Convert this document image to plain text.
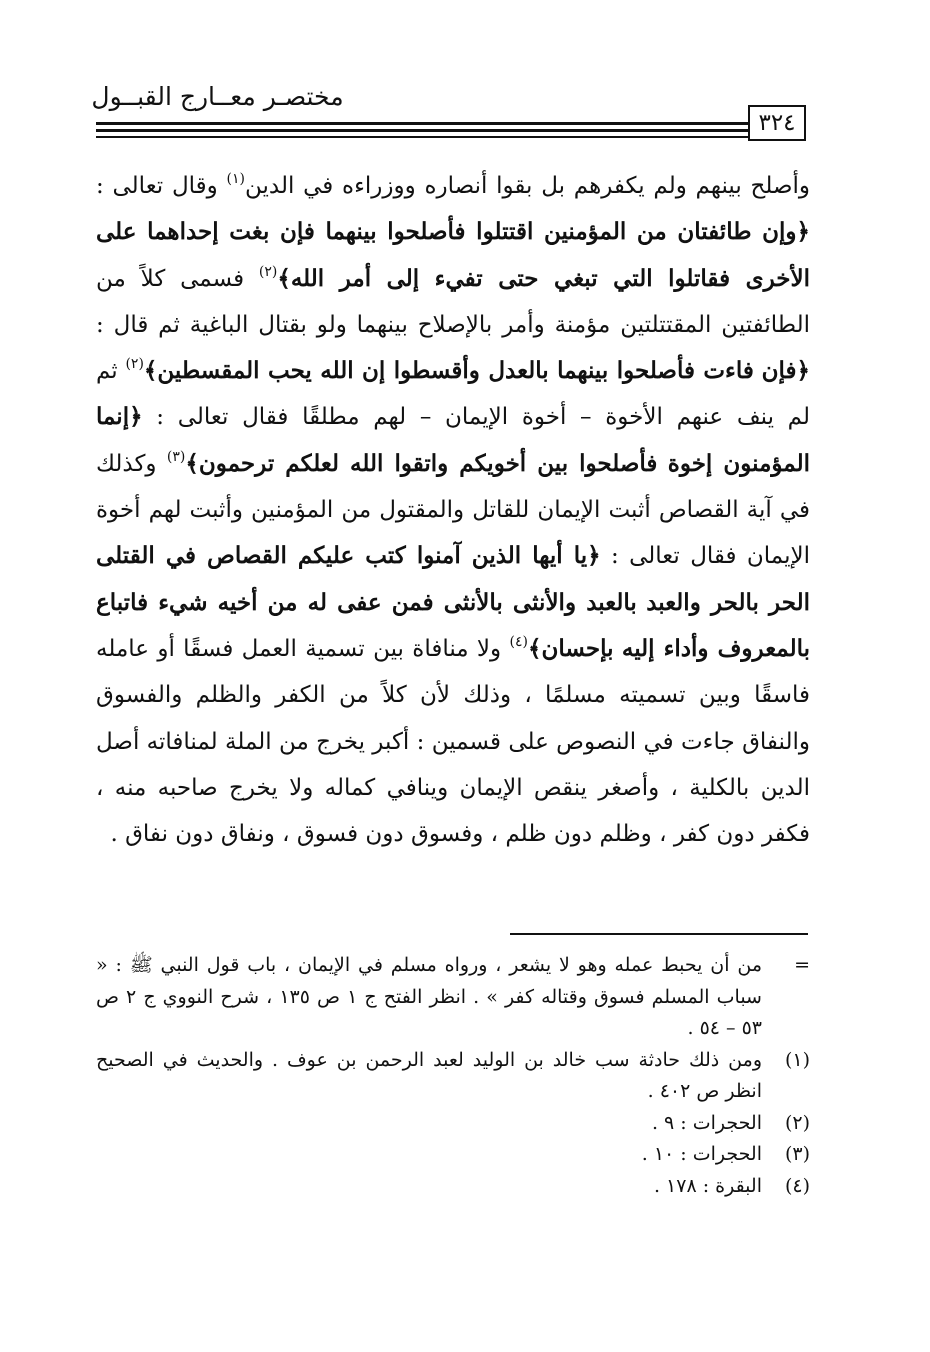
مختصـر معــارج القبــول
٣٢٤

وأصلح بينهم ولم يكفرهم بل بقوا أنصاره ووزراءه في الدين$^{(١)}$ وقال تعالى : ﴿وإن طائفتان من المؤمنين اقتتلوا فأصلحوا بينهما فإن بغت إحداهما على الأخرى فقاتلوا التي تبغي حتى تفيء إلى أمر الله﴾$^{(٢)}$ فسمى كلاً من الطائفتين المقتتلتين مؤمنة وأمر بالإصلاح بينهما ولو بقتال الباغية ثم قال : ﴿فإن فاءت فأصلحوا بينهما بالعدل وأقسطوا إن الله يحب المقسطين﴾$^{(٢)}$ ثم لم ينف عنهم الأخوة – أخوة الإيمان – لهم مطلقًا فقال تعالى : ﴿إنما المؤمنون إخوة فأصلحوا بين أخويكم واتقوا الله لعلكم ترحمون﴾$^{(٣)}$ وكذلك في آية القصاص أثبت الإيمان للقاتل والمقتول من المؤمنين وأثبت لهم أخوة الإيمان فقال تعالى : ﴿يا أيها الذين آمنوا كتب عليكم القصاص في القتلى الحر بالحر والعبد بالعبد والأنثى بالأنثى فمن عفى له من أخيه شيء فاتباع بالمعروف وأداء إليه بإحسان﴾$^{(٤)}$ ولا منافاة بين تسمية العمل فسقًا أو عامله فاسقًا وبين تسميته مسلمًا ، وذلك لأن كلاً من الكفر والظلم والفسوق والنفاق جاءت في النصوص على قسمين : أكبر يخرج من الملة لمنافاته أصل الدين بالكلية ، وأصغر ينقص الإيمان وينافي كماله ولا يخرج صاحبه منه ، فكفر دون كفر ، وظلم دون ظلم ، وفسوق دون فسوق ، ونفاق دون نفاق .

=
من أن يحبط عمله وهو لا يشعر ، ورواه مسلم في الإيمان ، باب قول النبي ﷺ : « سباب المسلم فسوق وقتاله كفر » . انظر الفتح ج ١ ص ١٣٥ ، شرح النووي ج ٢ ص ٥٣ – ٥٤ .
(١)
ومن ذلك حادثة سب خالد بن الوليد لعبد الرحمن بن عوف . والحديث في الصحيح انظر ص ٤٠٢ .
(٢)
الحجرات : ٩ .
(٣)
الحجرات : ١٠ .
(٤)
البقرة : ١٧٨ .
